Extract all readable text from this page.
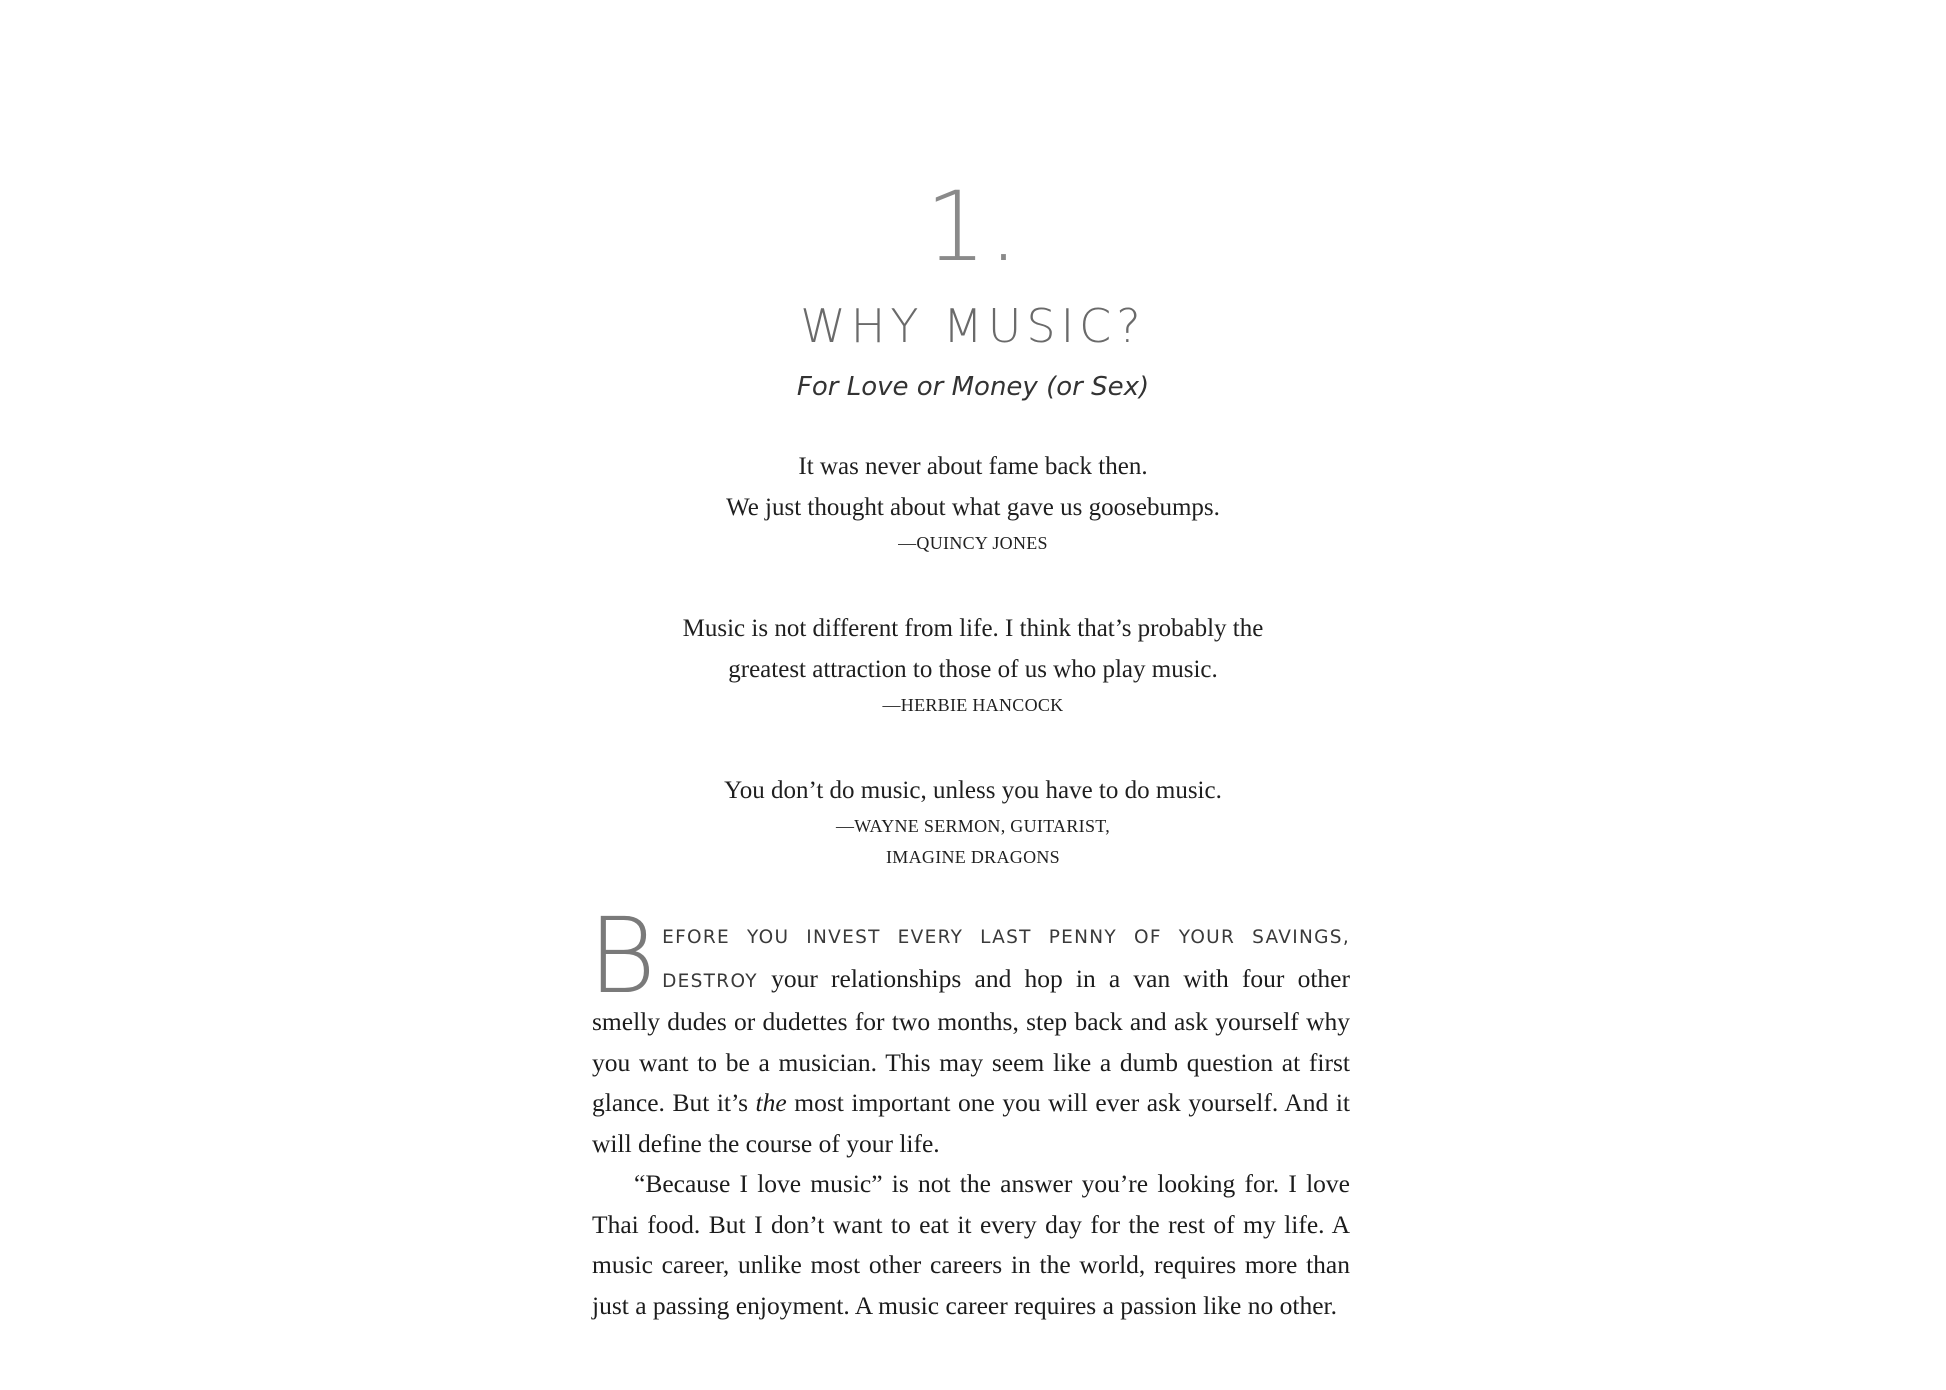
1.
WHY MUSIC?
For Love or Money (or Sex)
It was never about fame back then.
We just thought about what gave us goosebumps.
—QUINCY JONES
Music is not different from life. I think that’s probably the
greatest attraction to those of us who play music.
—HERBIE HANCOCK
You don’t do music, unless you have to do music.
—WAYNE SERMON, GUITARIST,
IMAGINE DRAGONS

BEFORE YOU INVEST EVERY LAST PENNY OF YOUR SAVINGS, DESTROY your relationships and hop in a van with four other smelly dudes or dudettes for two months, step back and ask yourself why you want to be a musician. This may seem like a dumb question at first glance. But it’s the most important one you will ever ask yourself. And it will define the course of your life.

“Because I love music” is not the answer you’re looking for. I love Thai food. But I don’t want to eat it every day for the rest of my life. A music career, unlike most other careers in the world, requires more than just a passing enjoyment. A music career requires a passion like no other.
